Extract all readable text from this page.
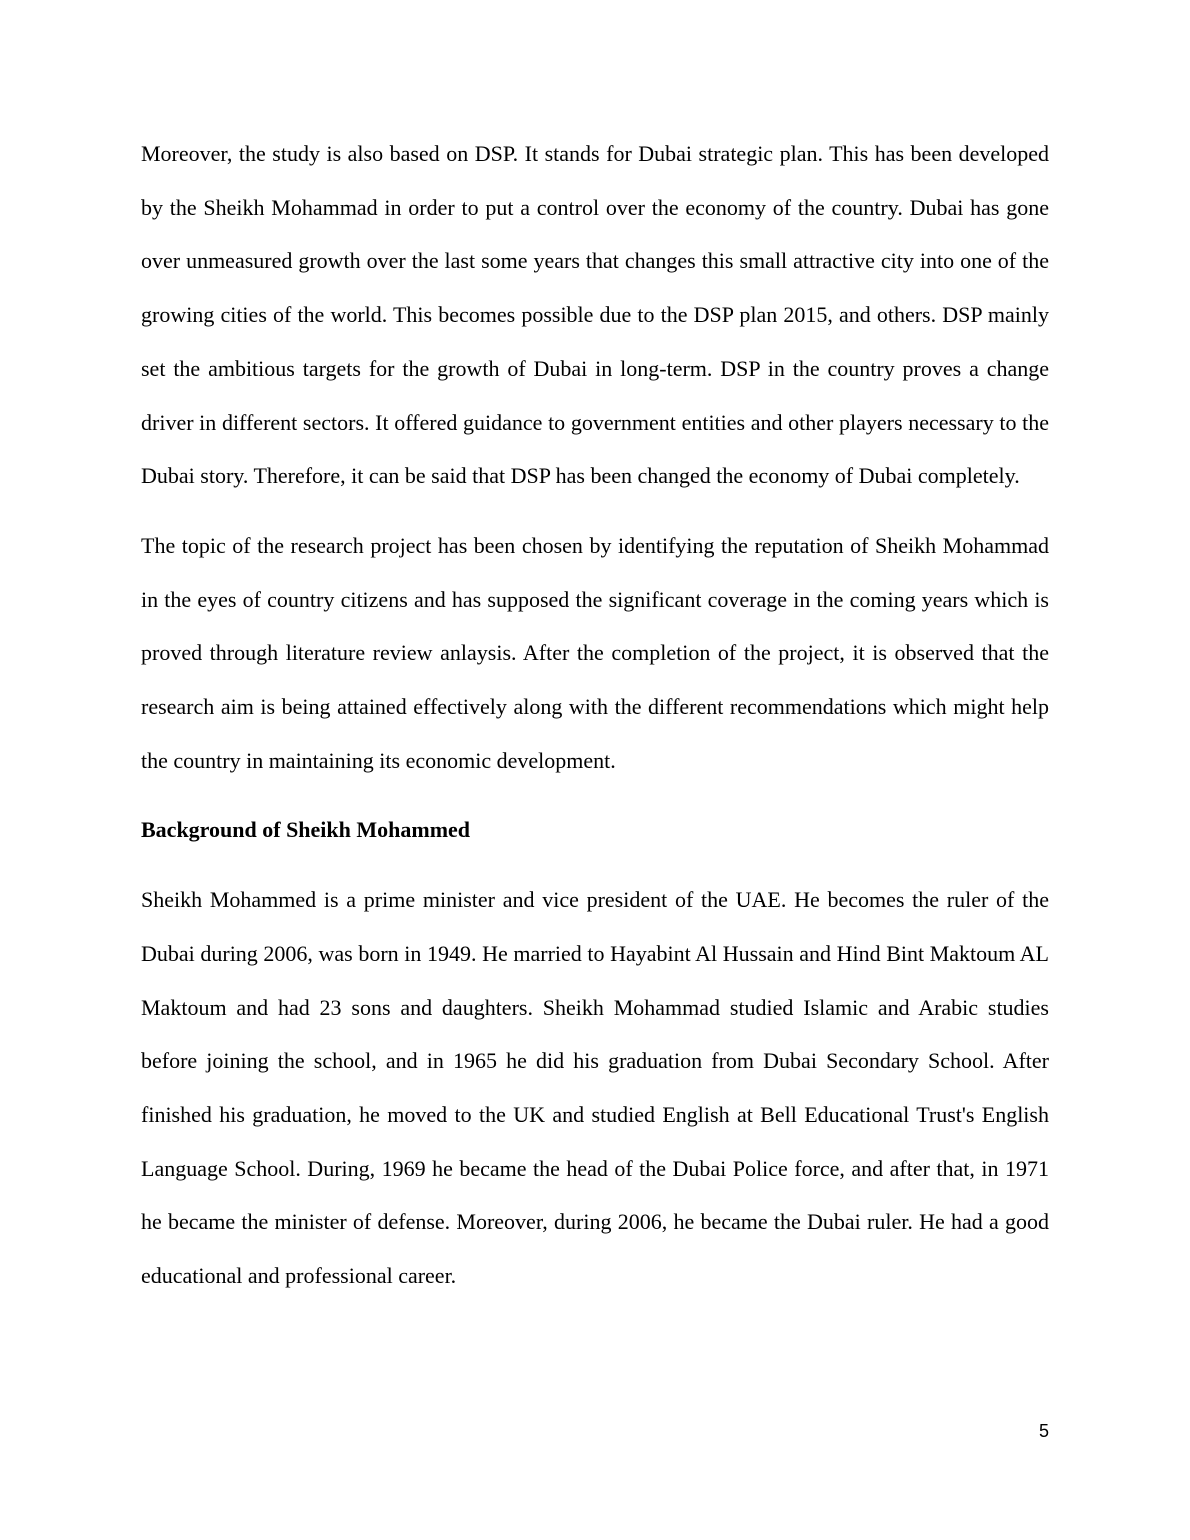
Moreover, the study is also based on DSP. It stands for Dubai strategic plan. This has been developed by the Sheikh Mohammad in order to put a control over the economy of the country. Dubai has gone over unmeasured growth over the last some years that changes this small attractive city into one of the growing cities of the world. This becomes possible due to the DSP plan 2015, and others. DSP mainly set the ambitious targets for the growth of Dubai in long-term. DSP in the country proves a change driver in different sectors. It offered guidance to government entities and other players necessary to the Dubai story. Therefore, it can be said that DSP has been changed the economy of Dubai completely.

The topic of the research project has been chosen by identifying the reputation of Sheikh Mohammad in the eyes of country citizens and has supposed the significant coverage in the coming years which is proved through literature review anlaysis. After the completion of the project, it is observed that the research aim is being attained effectively along with the different recommendations which might help the country in maintaining its economic development.

Background of Sheikh Mohammed

Sheikh Mohammed is a prime minister and vice president of the UAE. He becomes the ruler of the Dubai during 2006, was born in 1949. He married to Hayabint Al Hussain and Hind Bint Maktoum AL Maktoum and had 23 sons and daughters. Sheikh Mohammad studied Islamic and Arabic studies before joining the school, and in 1965 he did his graduation from Dubai Secondary School. After finished his graduation, he moved to the UK and studied English at Bell Educational Trust's English Language School. During, 1969 he became the head of the Dubai Police force, and after that, in 1971 he became the minister of defense. Moreover, during 2006, he became the Dubai ruler. He had a good educational and professional career.

5
